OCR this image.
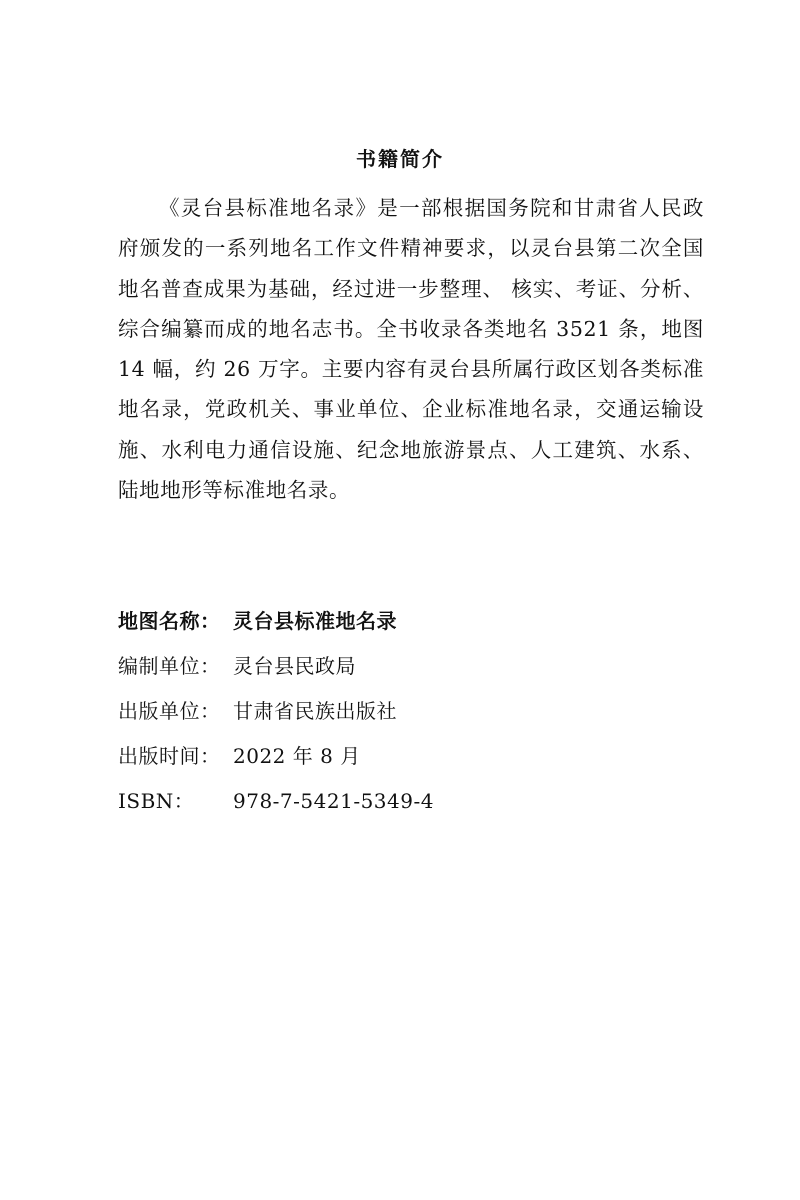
书籍简介

《灵台县标准地名录》是一部根据国务院和甘肃省人民政府颁发的一系列地名工作文件精神要求，以灵台县第二次全国地名普查成果为基础，经过进一步整理、 核实、考证、分析、综合编纂而成的地名志书。全书收录各类地名 3521 条，地图 14 幅，约 26 万字。主要内容有灵台县所属行政区划各类标准地名录，党政机关、事业单位、企业标准地名录，交通运输设施、水利电力通信设施、纪念地旅游景点、人工建筑、水系、陆地地形等标准地名录。

地图名称： 灵台县标准地名录
编制单位： 灵台县民政局
出版单位： 甘肃省民族出版社
出版时间： 2022 年 8 月
ISBN：	978-7-5421-5349-4
